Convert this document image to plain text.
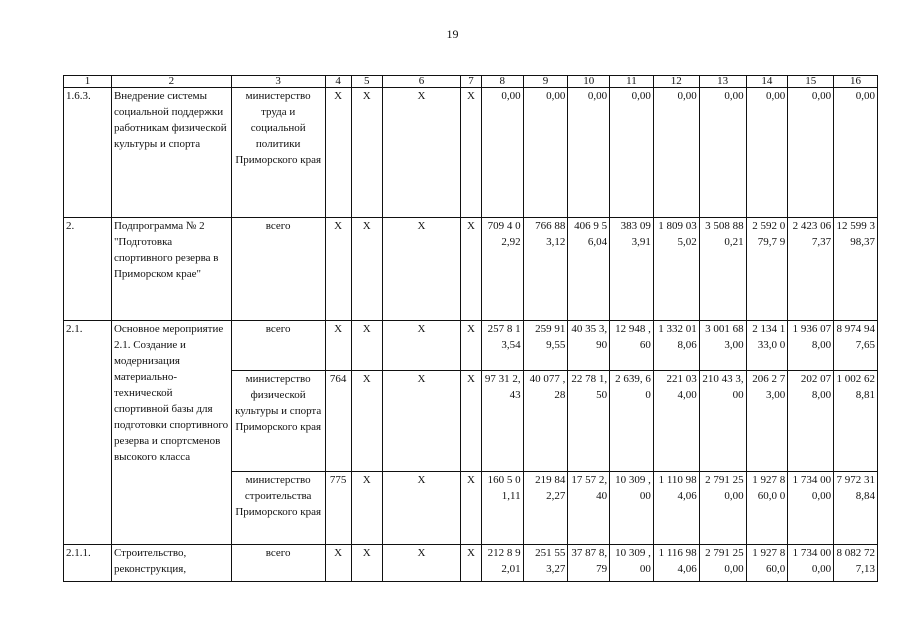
19
1	2	3	4	5	6	7	8	9	10	11	12	13	14	15	16
1.6.3.	Внедрение системы социальной поддержки работникам физической культуры и спорта	министерство труда и социальной политики Приморского края	X	X	X	X	0,00	0,00	0,00	0,00	0,00	0,00	0,00	0,00	0,00
2.	Подпрограмма № 2 "Подготовка спортивного резерва в Приморском крае"	всего	X	X	X	X	709 4 02,92	766 88 3,12	406 9 56,04	383 09 3,91	1 809 035,02	3 508 880,21	2 592 079,7 9	2 423 067,37	12 599 398,37
2.1.	Основное мероприятие 2.1. Создание и модернизация материально-технической спортивной базы для подготовки спортивного резерва и спортсменов высокого класса	всего	X	X	X	X	257 8 13,54	259 91 9,55	40 35 3,90	12 948 ,60	1 332 018,06	3 001 683,00	2 134 133,0 0	1 936 078,00	8 974 947,65
		министерство физической культуры и спорта Приморского края	764	X	X	X	97 31 2,43	40 077 ,28	22 78 1,50	2 639, 60	221 03 4,00	210 43 3,00	206 2 73,00	202 07 8,00	1 002 628,81
		министерство строительства Приморского края	775	X	X	X	160 5 01,11	219 84 2,27	17 57 2,40	10 309 ,00	1 110 984,06	2 791 250,00	1 927 860,0 0	1 734 000,00	7 972 318,84
2.1.1.	Строительство, реконструкция,	всего	X	X	X	X	212 8 92,01	251 55 3,27	37 87 8,79	10 309 ,00	1 116 984,06	2 791 250,00	1 927 860,0	1 734 000,00	8 082 727,13
